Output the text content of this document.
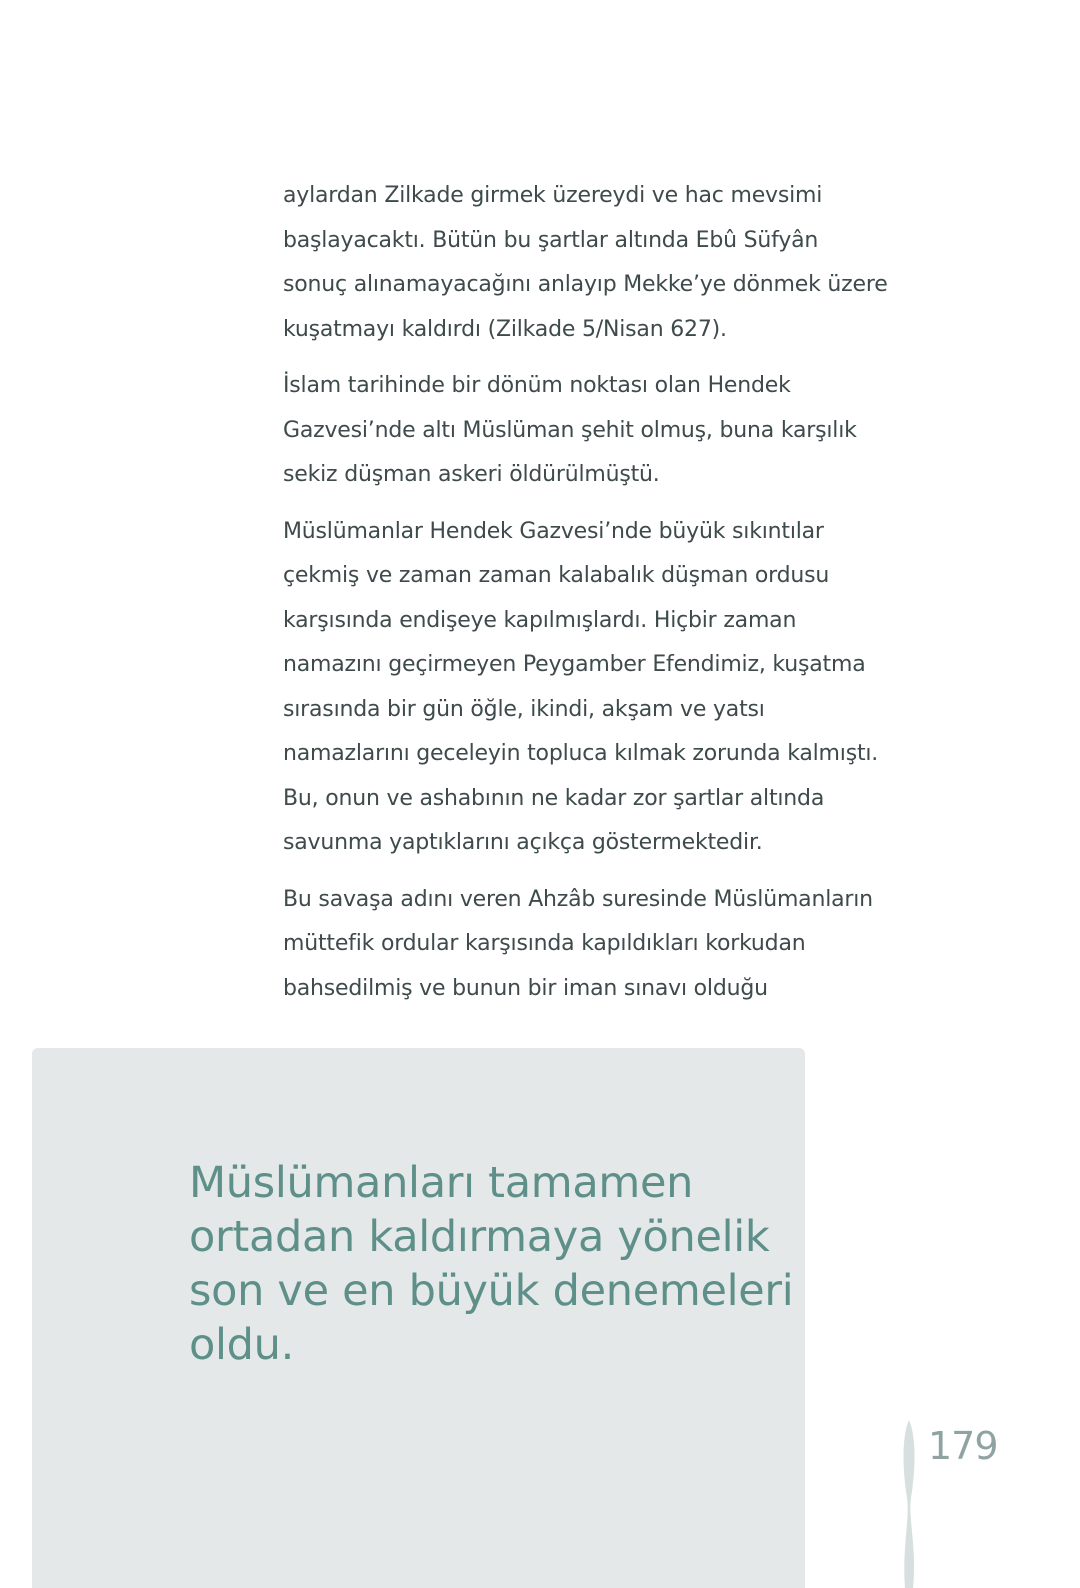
aylardan Zilkade girmek üzereydi ve hac mevsimi
başlayacaktı. Bütün bu şartlar altında Ebû Süfyân
sonuç alınamayacağını anlayıp Mekke’ye dönmek üzere
kuşatmayı kaldırdı (Zilkade 5/Nisan 627).
İslam tarihinde bir dönüm noktası olan Hendek
Gazvesi’nde altı Müslüman şehit olmuş, buna karşılık
sekiz düşman askeri öldürülmüştü.
Müslümanlar Hendek Gazvesi’nde büyük sıkıntılar
çekmiş ve zaman zaman kalabalık düşman ordusu
karşısında endişeye kapılmışlardı. Hiçbir zaman
namazını geçirmeyen Peygamber Efendimiz, kuşatma
sırasında bir gün öğle, ikindi, akşam ve yatsı
namazlarını geceleyin topluca kılmak zorunda kalmıştı.
Bu, onun ve ashabının ne kadar zor şartlar altında
savunma yaptıklarını açıkça göstermektedir.
Bu savaşa adını veren Ahzâb suresinde Müslümanların
müttefik ordular karşısında kapıldıkları korkudan
bahsedilmiş ve bunun bir iman sınavı olduğu
Müslümanları tamamen
ortadan kaldırmaya yönelik
son ve en büyük denemeleri
oldu.
179
